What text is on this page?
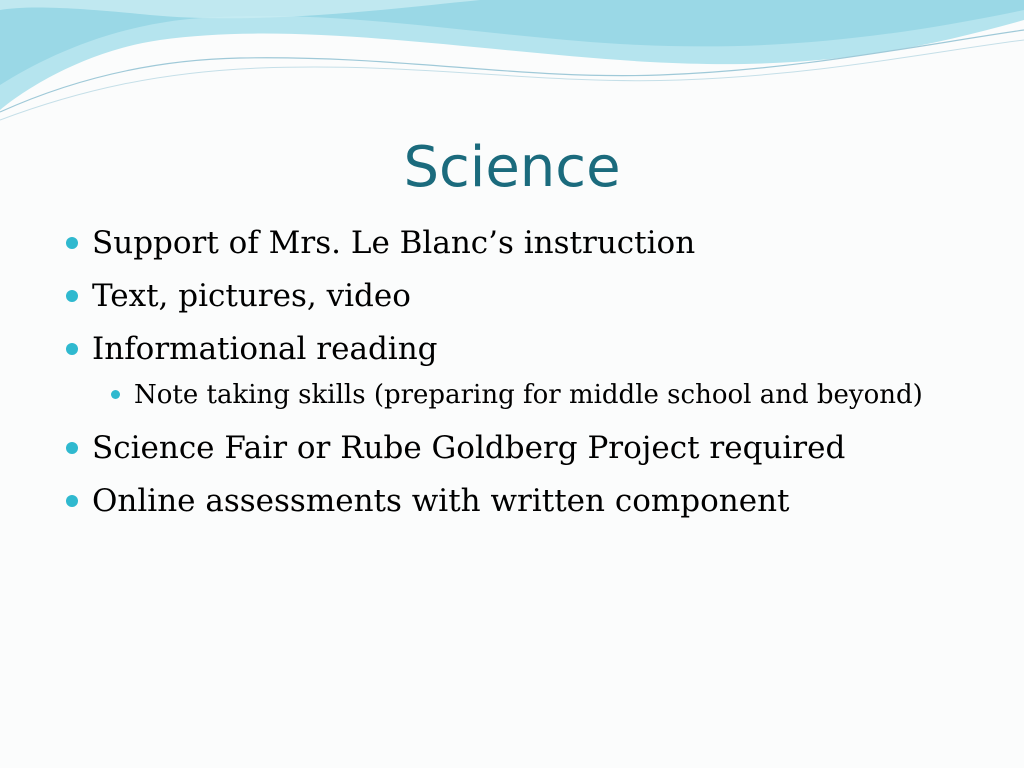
Science
Support of Mrs. Le Blanc’s instruction
Text, pictures, video
Informational reading
Note taking skills (preparing for middle school and beyond)
Science Fair or Rube Goldberg Project required
Online assessments with written component
